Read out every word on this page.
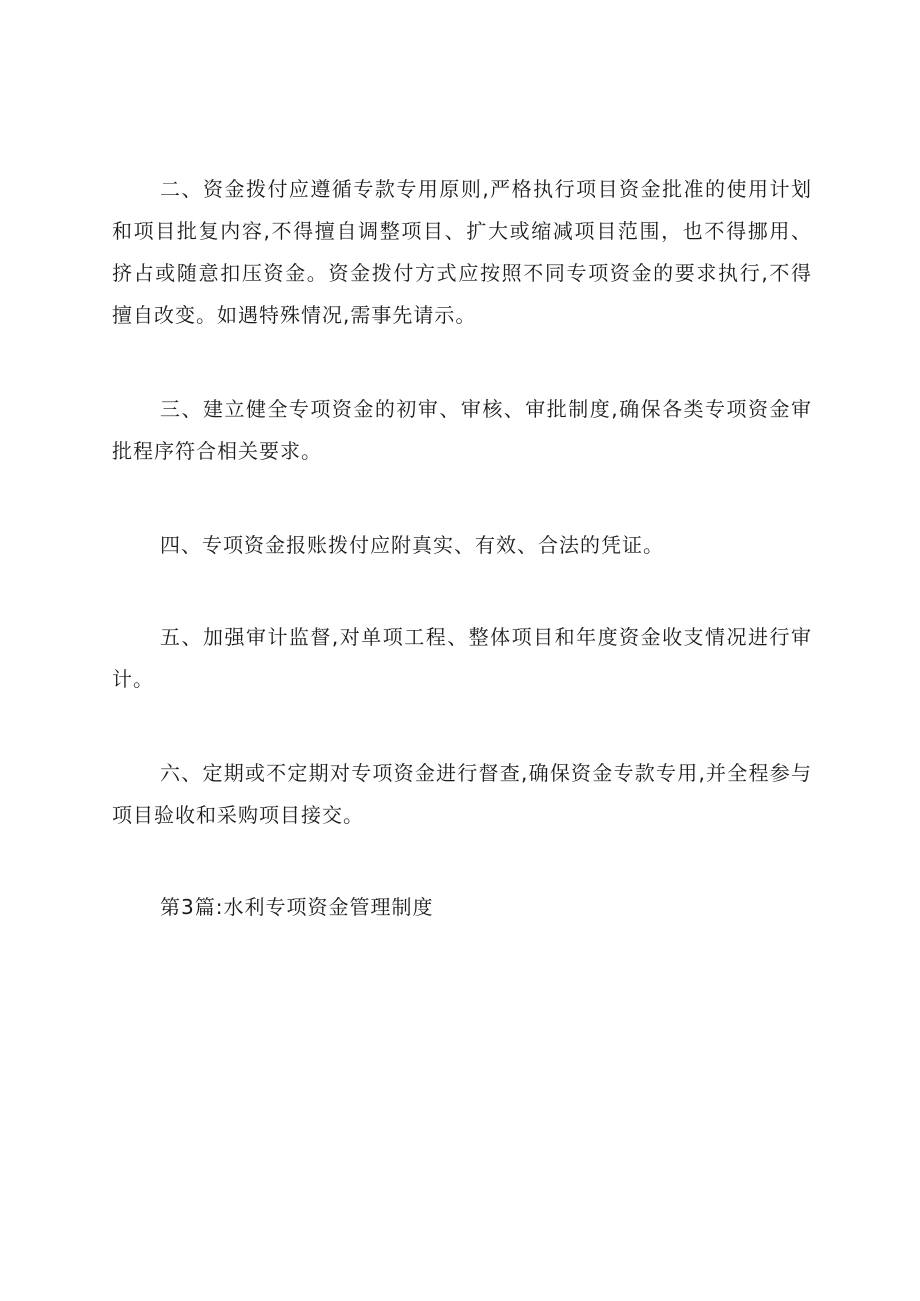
二、资金拨付应遵循专款专用原则,严格执行项目资金批准的使用计划和项目批复内容,不得擅自调整项目、扩大或缩减项目范围，也不得挪用、挤占或随意扣压资金。资金拨付方式应按照不同专项资金的要求执行,不得擅自改变。如遇特殊情况,需事先请示。

三、建立健全专项资金的初审、审核、审批制度,确保各类专项资金审批程序符合相关要求。

四、专项资金报账拨付应附真实、有效、合法的凭证。

五、加强审计监督,对单项工程、整体项目和年度资金收支情况进行审计。

六、定期或不定期对专项资金进行督查,确保资金专款专用,并全程参与项目验收和采购项目接交。

第3篇:水利专项资金管理制度
